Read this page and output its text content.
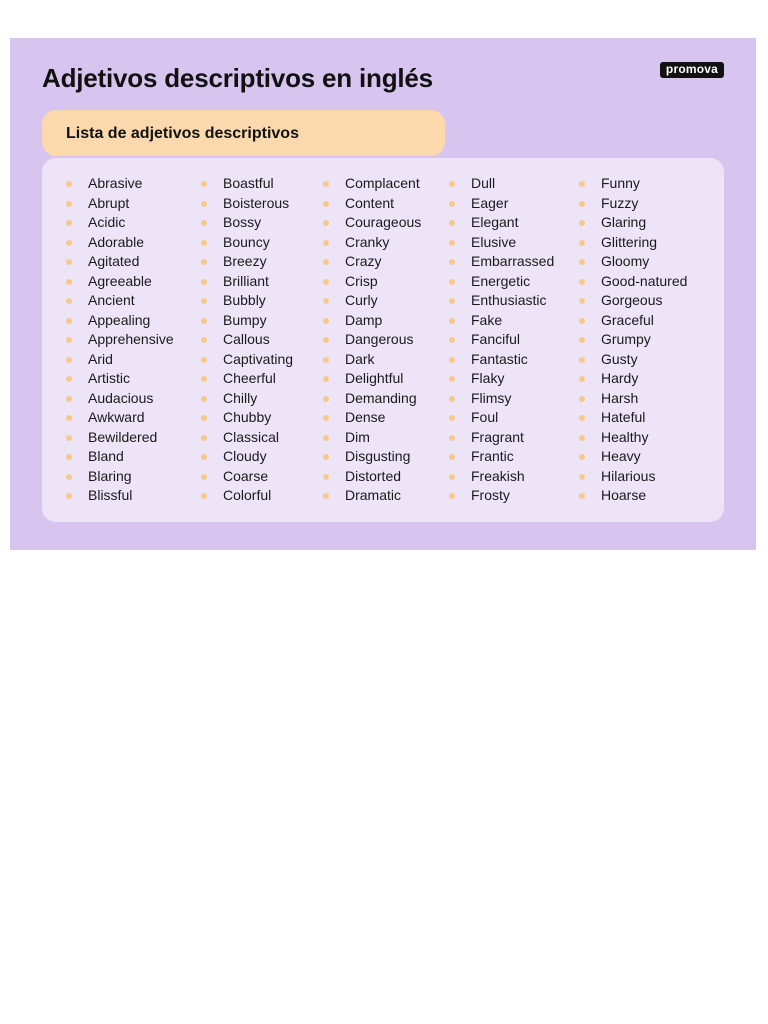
Adjetivos descriptivos en inglés	promova
Lista de adjetivos descriptivos
Abrasive
Abrupt
Acidic
Adorable
Agitated
Agreeable
Ancient
Appealing
Apprehensive
Arid
Artistic
Audacious
Awkward
Bewildered
Bland
Blaring
Blissful
Boastful
Boisterous
Bossy
Bouncy
Breezy
Brilliant
Bubbly
Bumpy
Callous
Captivating
Cheerful
Chilly
Chubby
Classical
Cloudy
Coarse
Colorful
Complacent
Content
Courageous
Cranky
Crazy
Crisp
Curly
Damp
Dangerous
Dark
Delightful
Demanding
Dense
Dim
Disgusting
Distorted
Dramatic
Dull
Eager
Elegant
Elusive
Embarrassed
Energetic
Enthusiastic
Fake
Fanciful
Fantastic
Flaky
Flimsy
Foul
Fragrant
Frantic
Freakish
Frosty
Funny
Fuzzy
Glaring
Glittering
Gloomy
Good-natured
Gorgeous
Graceful
Grumpy
Gusty
Hardy
Harsh
Hateful
Healthy
Heavy
Hilarious
Hoarse
